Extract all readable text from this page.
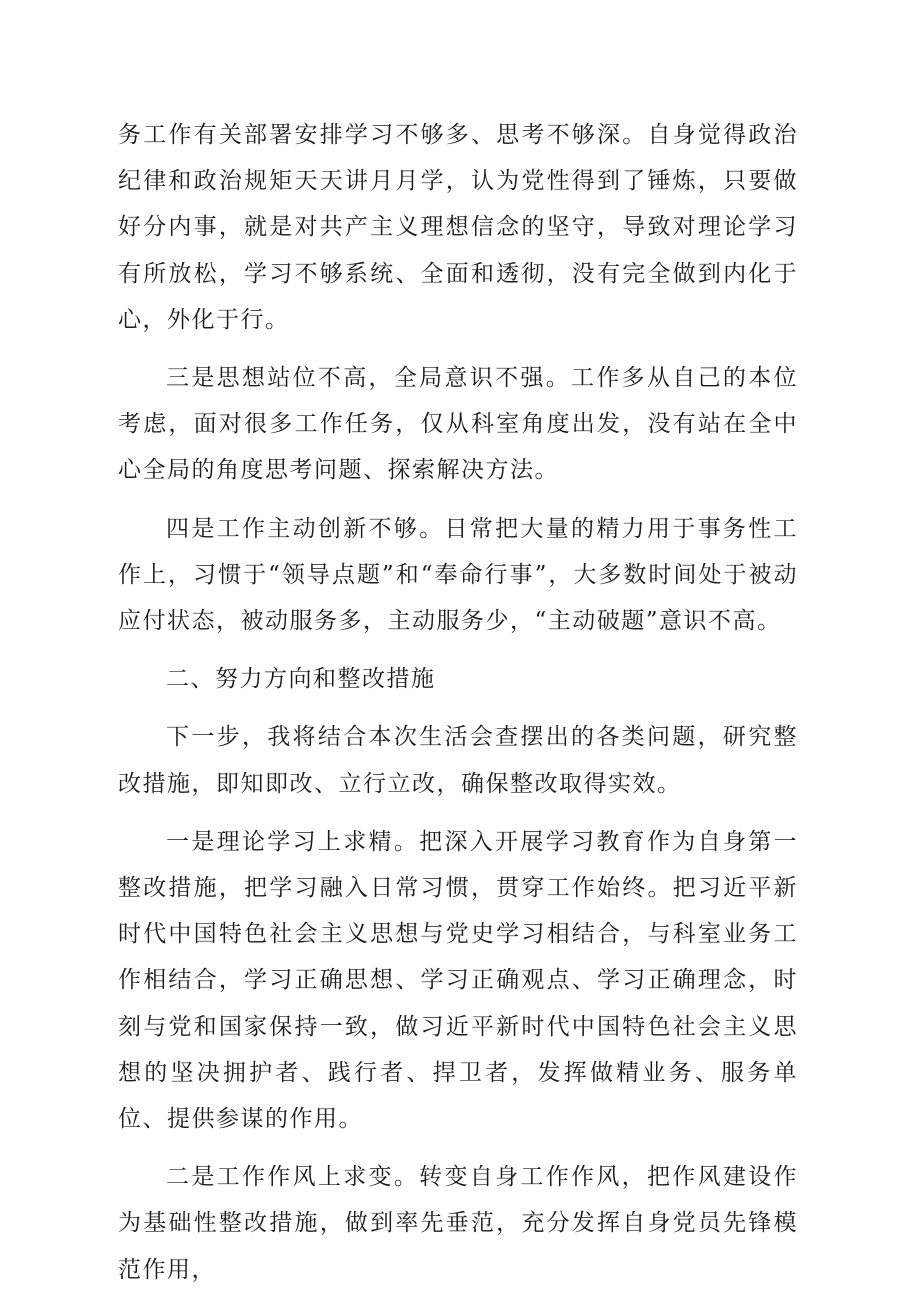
务工作有关部署安排学习不够多、思考不够深。自身觉得政治纪律和政治规矩天天讲月月学，认为党性得到了锤炼，只要做好分内事，就是对共产主义理想信念的坚守，导致对理论学习有所放松，学习不够系统、全面和透彻，没有完全做到内化于心，外化于行。

三是思想站位不高，全局意识不强。工作多从自己的本位考虑，面对很多工作任务，仅从科室角度出发，没有站在全中心全局的角度思考问题、探索解决方法。

四是工作主动创新不够。日常把大量的精力用于事务性工作上，习惯于“领导点题”和“奉命行事”，大多数时间处于被动应付状态，被动服务多，主动服务少，“主动破题”意识不高。

二、努力方向和整改措施

下一步，我将结合本次生活会查摆出的各类问题，研究整改措施，即知即改、立行立改，确保整改取得实效。

一是理论学习上求精。把深入开展学习教育作为自身第一整改措施，把学习融入日常习惯，贯穿工作始终。把习近平新时代中国特色社会主义思想与党史学习相结合，与科室业务工作相结合，学习正确思想、学习正确观点、学习正确理念，时刻与党和国家保持一致，做习近平新时代中国特色社会主义思想的坚决拥护者、践行者、捍卫者，发挥做精业务、服务单位、提供参谋的作用。

二是工作作风上求变。转变自身工作作风，把作风建设作为基础性整改措施，做到率先垂范，充分发挥自身党员先锋模范作用，
